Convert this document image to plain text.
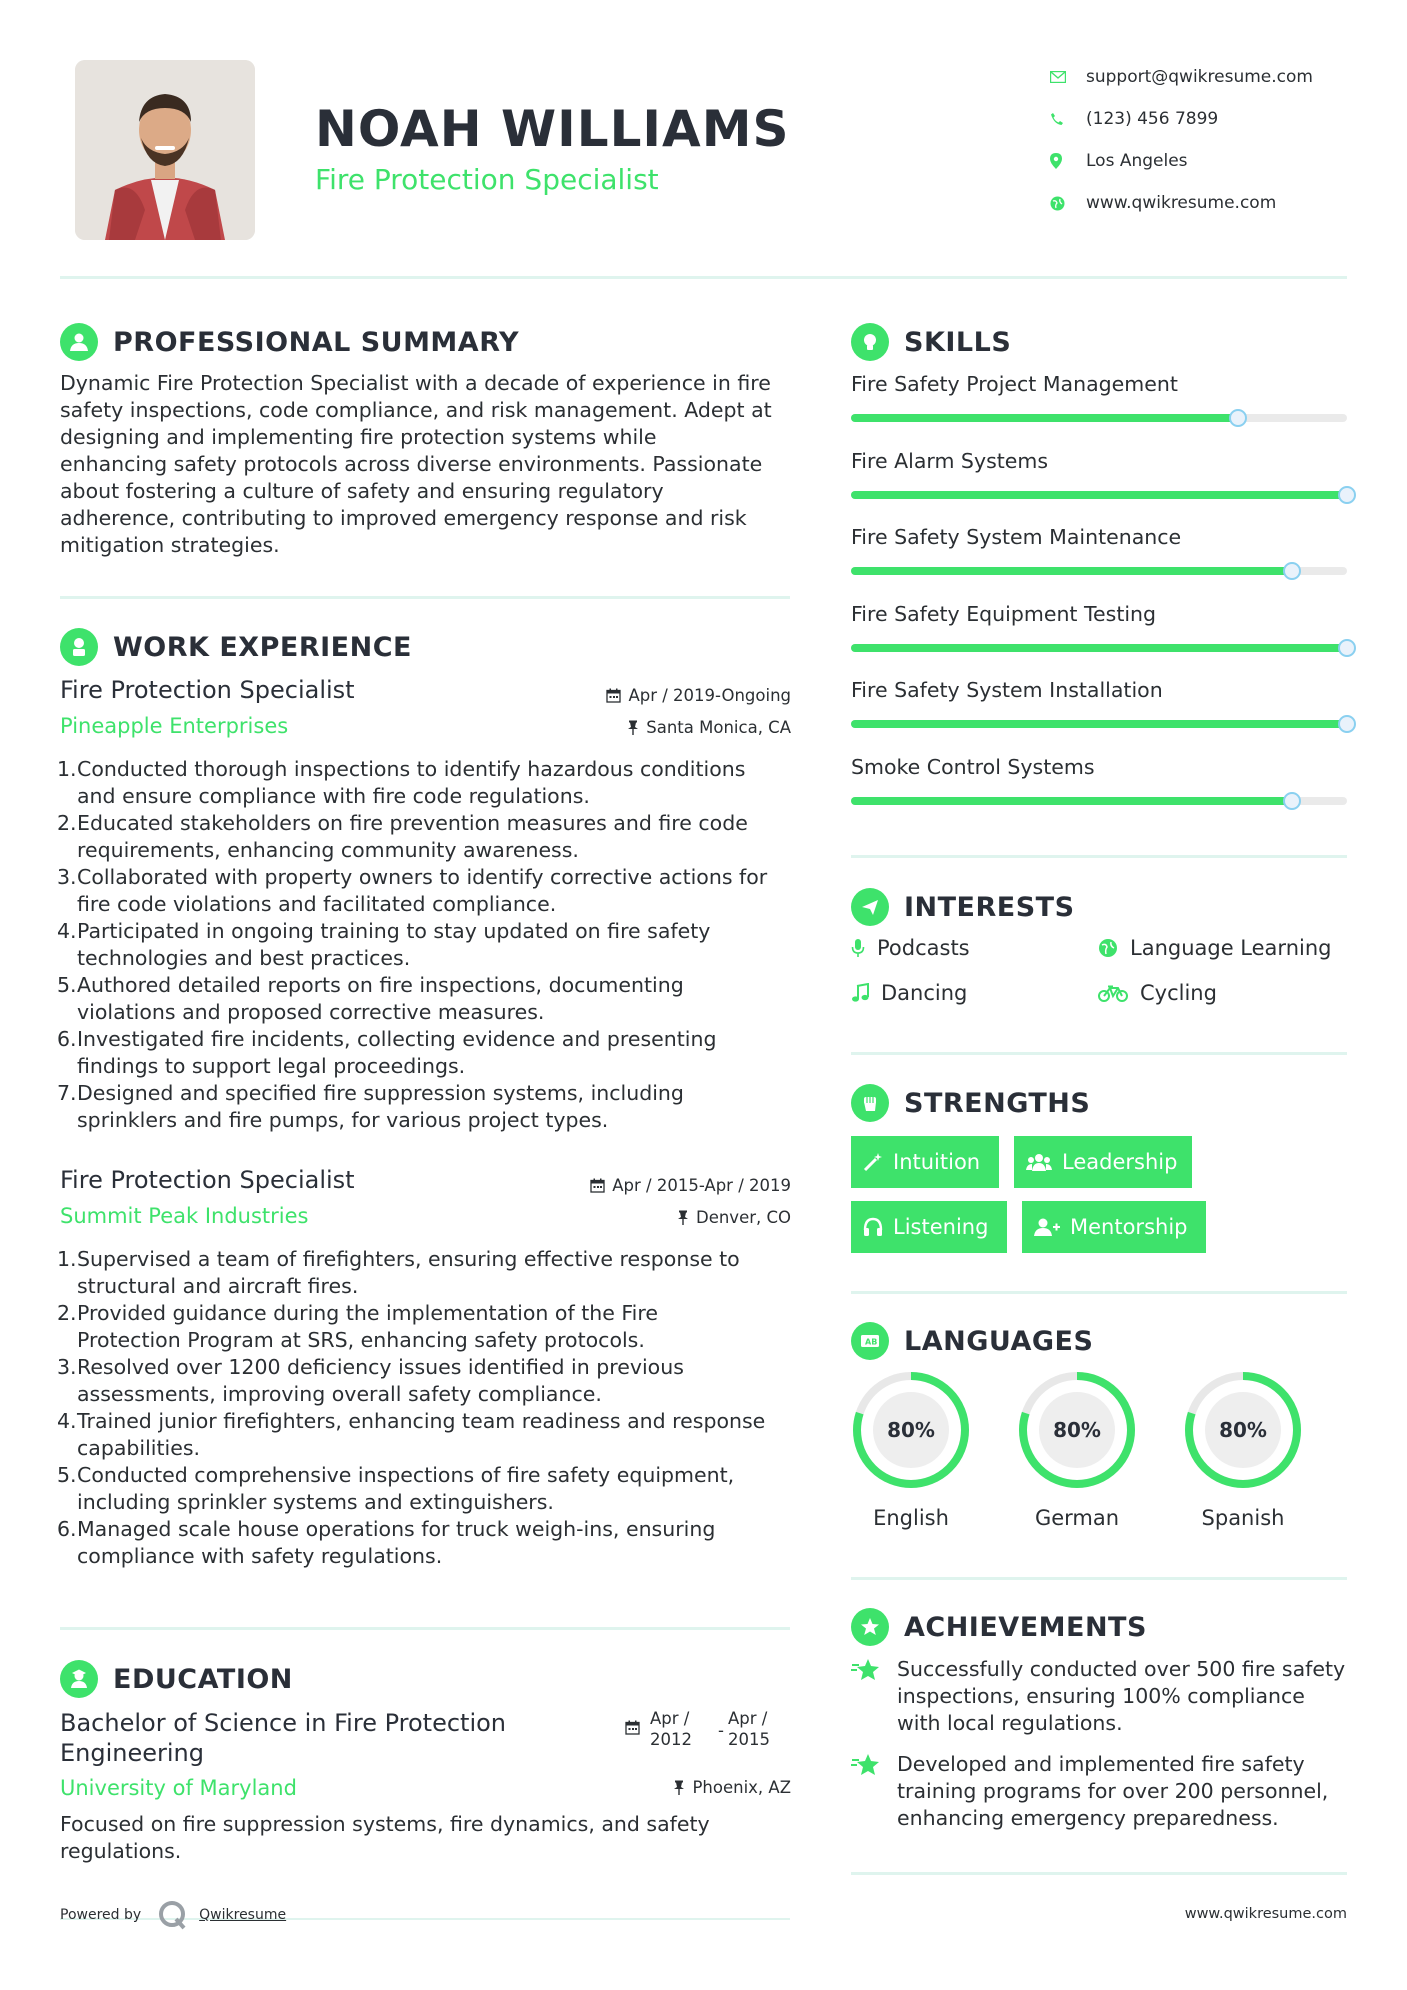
NOAH WILLIAMS
Fire Protection Specialist
support@qwikresume.com
(123) 456 7899
Los Angeles
www.qwikresume.com
PROFESSIONAL SUMMARY
Dynamic Fire Protection Specialist with a decade of experience in fire
safety inspections, code compliance, and risk management. Adept at
designing and implementing fire protection systems while
enhancing safety protocols across diverse environments. Passionate
about fostering a culture of safety and ensuring regulatory
adherence, contributing to improved emergency response and risk
mitigation strategies.
WORK EXPERIENCE
Fire Protection Specialist
Pineapple Enterprises
Apr / 2019-Ongoing
Santa Monica, CA
1. Conducted thorough inspections to identify hazardous conditions
and ensure compliance with fire code regulations.
2. Educated stakeholders on fire prevention measures and fire code
requirements, enhancing community awareness.
3. Collaborated with property owners to identify corrective actions for
fire code violations and facilitated compliance.
4. Participated in ongoing training to stay updated on fire safety
technologies and best practices.
5. Authored detailed reports on fire inspections, documenting
violations and proposed corrective measures.
6. Investigated fire incidents, collecting evidence and presenting
findings to support legal proceedings.
7. Designed and specified fire suppression systems, including
sprinklers and fire pumps, for various project types.
Fire Protection Specialist
Summit Peak Industries
Apr / 2015-Apr / 2019
Denver, CO
1. Supervised a team of firefighters, ensuring effective response to
structural and aircraft fires.
2. Provided guidance during the implementation of the Fire
Protection Program at SRS, enhancing safety protocols.
3. Resolved over 1200 deficiency issues identified in previous
assessments, improving overall safety compliance.
4. Trained junior firefighters, enhancing team readiness and response
capabilities.
5. Conducted comprehensive inspections of fire safety equipment,
including sprinkler systems and extinguishers.
6. Managed scale house operations for truck weigh-ins, ensuring
compliance with safety regulations.
EDUCATION
Bachelor of Science in Fire Protection
Engineering
University of Maryland
Apr /
2012 -
Apr /
2015
Phoenix, AZ
Focused on fire suppression systems, fire dynamics, and safety
regulations.
SKILLS
Fire Safety Project Management
Fire Alarm Systems
Fire Safety System Maintenance
Fire Safety Equipment Testing
Fire Safety System Installation
Smoke Control Systems
INTERESTS
Podcasts	Language Learning
Dancing	Cycling
STRENGTHS
Intuition	Leadership
Listening	Mentorship
AB LANGUAGES
80%
English
80%
German
80%
Spanish
ACHIEVEMENTS
Successfully conducted over 500 fire safety
inspections, ensuring 100% compliance
with local regulations.
Developed and implemented fire safety
training programs for over 200 personnel,
enhancing emergency preparedness.
Powered by	Qwikresume	www.qwikresume.com
